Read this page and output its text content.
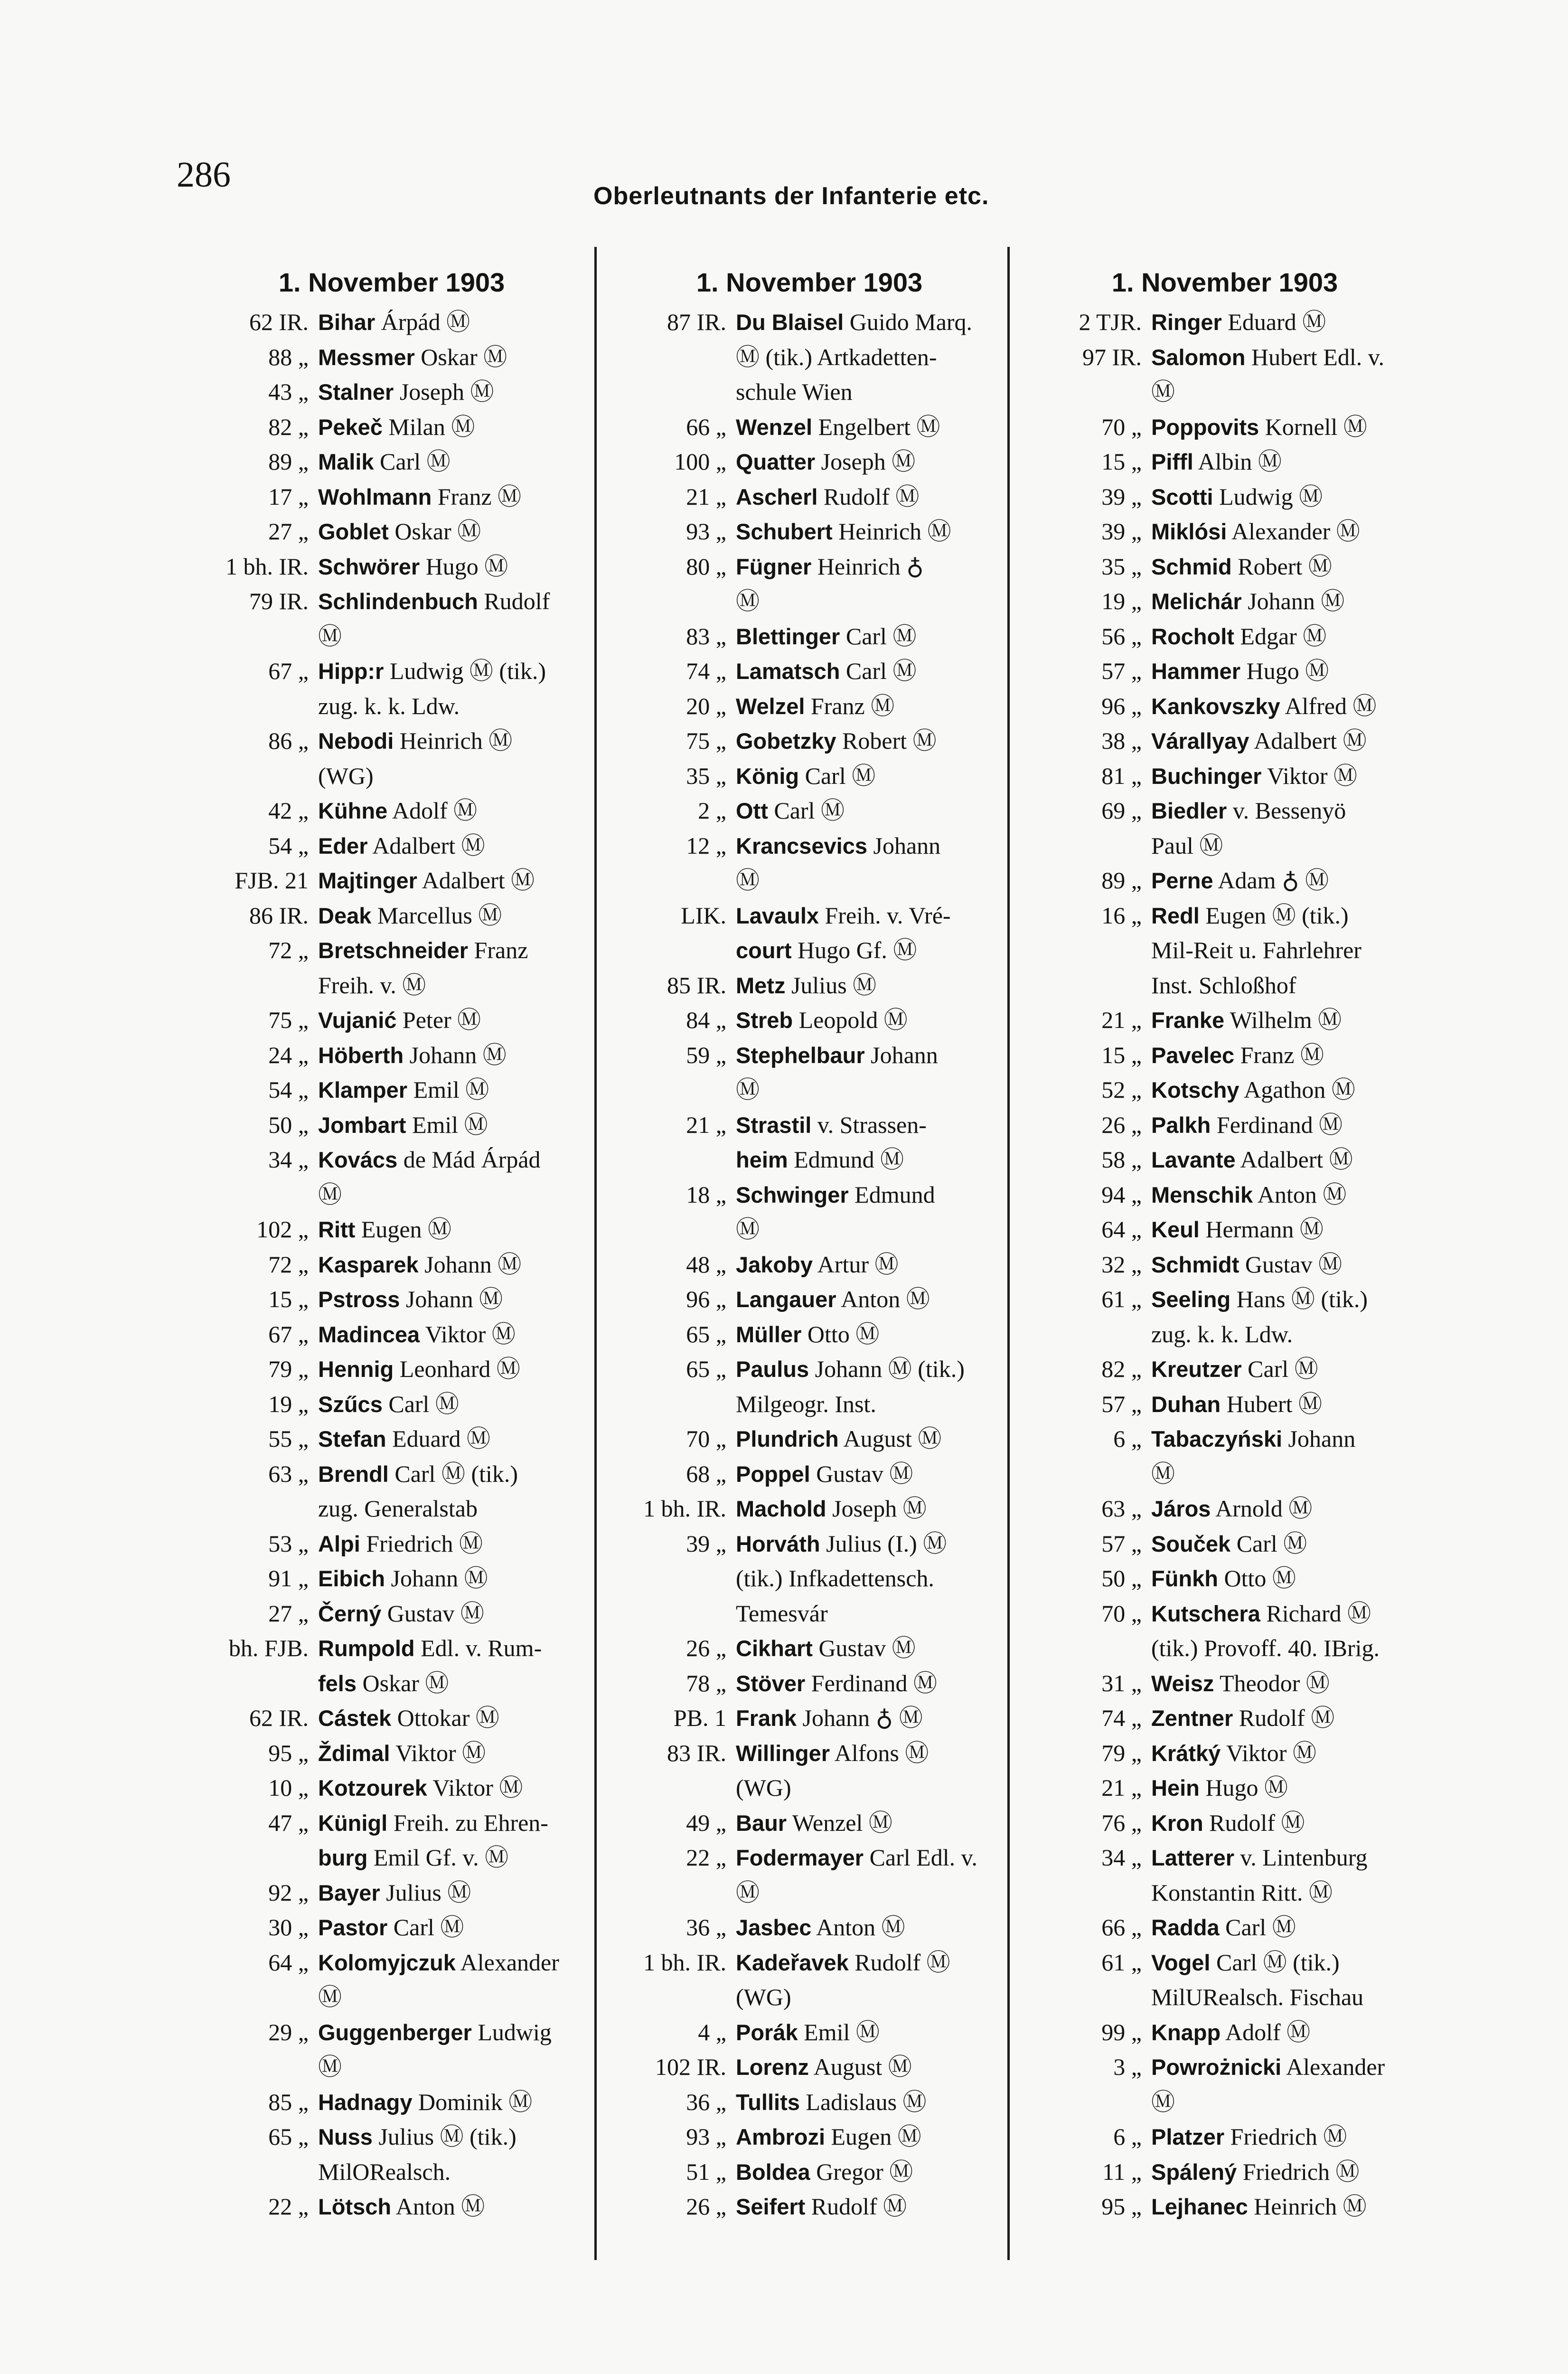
286
Oberleutnants der Infanterie etc.
1. November 1903
62 IR. Bihar Árpád Ⓜ
88 „ Messmer Oskar Ⓜ
43 „ Stalner Joseph Ⓜ
82 „ Pekeč Milan Ⓜ
89 „ Malik Carl Ⓜ
17 „ Wohlmann Franz Ⓜ
27 „ Goblet Oskar Ⓜ
1 bh. IR. Schwörer Hugo Ⓜ
79 IR. Schlindenbuch Rudolf
Ⓜ
67 „ Hipp:r Ludwig Ⓜ (tik.)
zug. k. k. Ldw.
86 „ Nebodi Heinrich Ⓜ
(WG)
42 „ Kühne Adolf Ⓜ
54 „ Eder Adalbert Ⓜ
FJB. 21 Majtinger Adalbert Ⓜ
86 IR. Deak Marcellus Ⓜ
72 „ Bretschneider Franz
Freih. v. Ⓜ
75 „ Vujanić Peter Ⓜ
24 „ Höberth Johann Ⓜ
54 „ Klamper Emil Ⓜ
50 „ Jombart Emil Ⓜ
34 „ Kovács de Mád Árpád
Ⓜ
102 „ Ritt Eugen Ⓜ
72 „ Kasparek Johann Ⓜ
15 „ Pstross Johann Ⓜ
67 „ Madincea Viktor Ⓜ
79 „ Hennig Leonhard Ⓜ
19 „ Szűcs Carl Ⓜ
55 „ Stefan Eduard Ⓜ
63 „ Brendl Carl Ⓜ (tik.)
zug. Generalstab
53 „ Alpi Friedrich Ⓜ
91 „ Eibich Johann Ⓜ
27 „ Černý Gustav Ⓜ
bh. FJB. Rumpold Edl. v. Rum-
fels Oskar Ⓜ
62 IR. Cástek Ottokar Ⓜ
95 „ Ždimal Viktor Ⓜ
10 „ Kotzourek Viktor Ⓜ
47 „ Künigl Freih. zu Ehren-
burg Emil Gf. v. Ⓜ
92 „ Bayer Julius Ⓜ
30 „ Pastor Carl Ⓜ
64 „ Kolomyjczuk Alexander
Ⓜ
29 „ Guggenberger Ludwig
Ⓜ
85 „ Hadnagy Dominik Ⓜ
65 „ Nuss Julius Ⓜ (tik.)
MilORealsch.
22 „ Lötsch Anton Ⓜ
1. November 1903
87 IR. Du Blaisel Guido Marq.
Ⓜ (tik.) Artkadetten-
schule Wien
66 „ Wenzel Engelbert Ⓜ
100 „ Quatter Joseph Ⓜ
21 „ Ascherl Rudolf Ⓜ
93 „ Schubert Heinrich Ⓜ
80 „ Fügner Heinrich ♁
Ⓜ
83 „ Blettinger Carl Ⓜ
74 „ Lamatsch Carl Ⓜ
20 „ Welzel Franz Ⓜ
75 „ Gobetzky Robert Ⓜ
35 „ König Carl Ⓜ
2 „ Ott Carl Ⓜ
12 „ Krancsevics Johann
Ⓜ
LIK. Lavaulx Freih. v. Vré-
court Hugo Gf. Ⓜ
85 IR. Metz Julius Ⓜ
84 „ Streb Leopold Ⓜ
59 „ Stephelbaur Johann
Ⓜ
21 „ Strastil v. Strassen-
heim Edmund Ⓜ
18 „ Schwinger Edmund
Ⓜ
48 „ Jakoby Artur Ⓜ
96 „ Langauer Anton Ⓜ
65 „ Müller Otto Ⓜ
65 „ Paulus Johann Ⓜ (tik.)
Milgeogr. Inst.
70 „ Plundrich August Ⓜ
68 „ Poppel Gustav Ⓜ
1 bh. IR. Machold Joseph Ⓜ
39 „ Horváth Julius (I.) Ⓜ
(tik.) Infkadettensch.
Temesvár
26 „ Cikhart Gustav Ⓜ
78 „ Stöver Ferdinand Ⓜ
PB. 1 Frank Johann ♁ Ⓜ
83 IR. Willinger Alfons Ⓜ
(WG)
49 „ Baur Wenzel Ⓜ
22 „ Fodermayer Carl Edl. v.
Ⓜ
36 „ Jasbec Anton Ⓜ
1 bh. IR. Kadeřavek Rudolf Ⓜ
(WG)
4 „ Porák Emil Ⓜ
102 IR. Lorenz August Ⓜ
36 „ Tullits Ladislaus Ⓜ
93 „ Ambrozi Eugen Ⓜ
51 „ Boldea Gregor Ⓜ
26 „ Seifert Rudolf Ⓜ
1. November 1903
2 TJR. Ringer Eduard Ⓜ
97 IR. Salomon Hubert Edl. v.
Ⓜ
70 „ Poppovits Kornell Ⓜ
15 „ Piffl Albin Ⓜ
39 „ Scotti Ludwig Ⓜ
39 „ Miklósi Alexander Ⓜ
35 „ Schmid Robert Ⓜ
19 „ Melichár Johann Ⓜ
56 „ Rocholt Edgar Ⓜ
57 „ Hammer Hugo Ⓜ
96 „ Kankovszky Alfred Ⓜ
38 „ Várallyay Adalbert Ⓜ
81 „ Buchinger Viktor Ⓜ
69 „ Biedler v. Bessenyö
Paul Ⓜ
89 „ Perne Adam ♁ Ⓜ
16 „ Redl Eugen Ⓜ (tik.)
Mil-Reit u. Fahrlehrer
Inst. Schloßhof
21 „ Franke Wilhelm Ⓜ
15 „ Pavelec Franz Ⓜ
52 „ Kotschy Agathon Ⓜ
26 „ Palkh Ferdinand Ⓜ
58 „ Lavante Adalbert Ⓜ
94 „ Menschik Anton Ⓜ
64 „ Keul Hermann Ⓜ
32 „ Schmidt Gustav Ⓜ
61 „ Seeling Hans Ⓜ (tik.)
zug. k. k. Ldw.
82 „ Kreutzer Carl Ⓜ
57 „ Duhan Hubert Ⓜ
6 „ Tabaczyński Johann
Ⓜ
63 „ Járos Arnold Ⓜ
57 „ Souček Carl Ⓜ
50 „ Fünkh Otto Ⓜ
70 „ Kutschera Richard Ⓜ
(tik.) Provoff. 40. IBrig.
31 „ Weisz Theodor Ⓜ
74 „ Zentner Rudolf Ⓜ
79 „ Krátký Viktor Ⓜ
21 „ Hein Hugo Ⓜ
76 „ Kron Rudolf Ⓜ
34 „ Latterer v. Lintenburg
Konstantin Ritt. Ⓜ
66 „ Radda Carl Ⓜ
61 „ Vogel Carl Ⓜ (tik.)
MilURealsch. Fischau
99 „ Knapp Adolf Ⓜ
3 „ Powrożnicki Alexander
Ⓜ
6 „ Platzer Friedrich Ⓜ
11 „ Spálený Friedrich Ⓜ
95 „ Lejhanec Heinrich Ⓜ
